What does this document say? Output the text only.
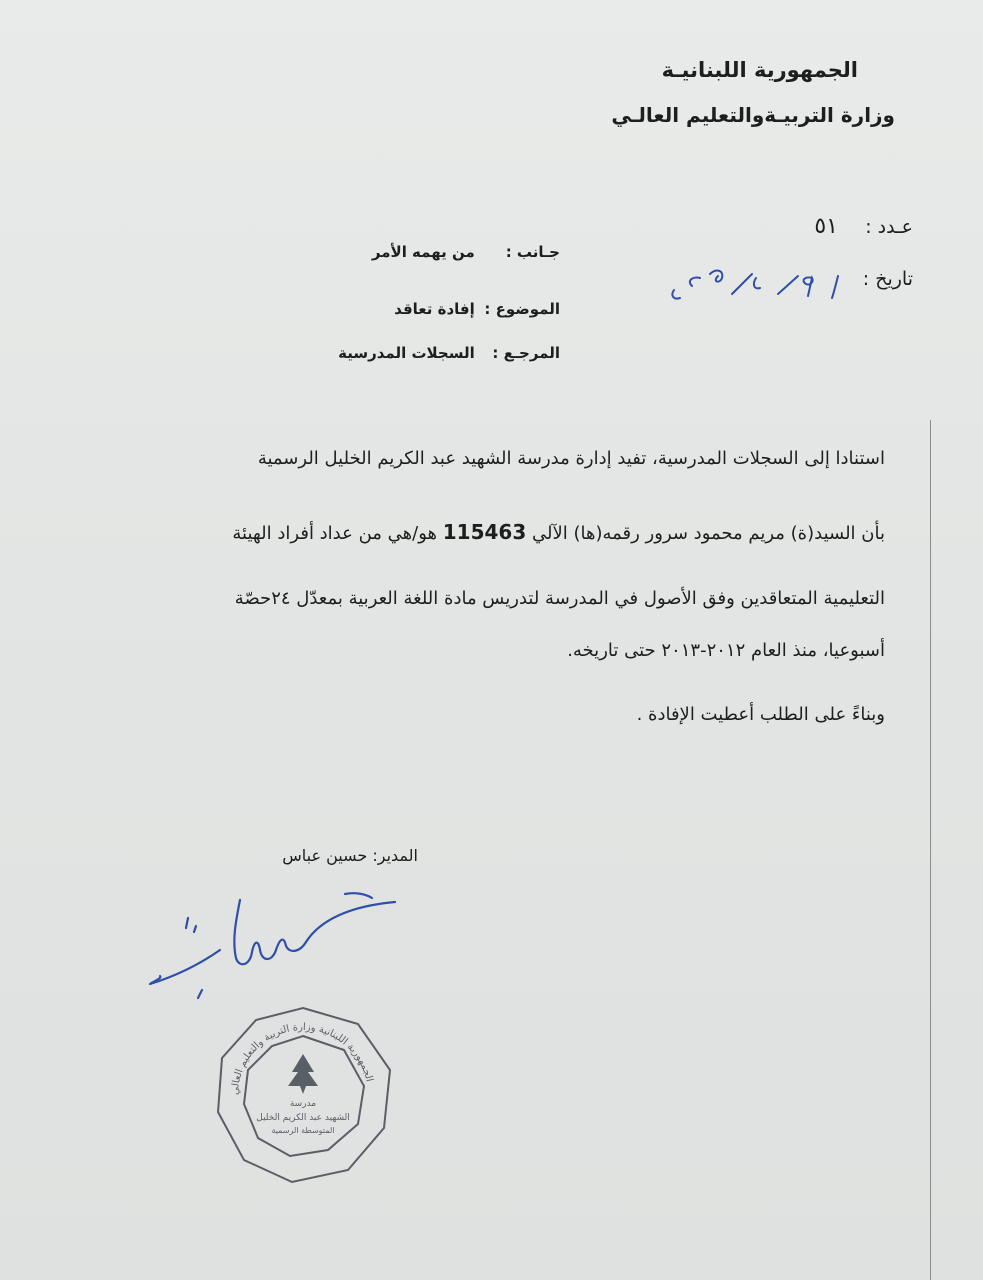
الجمهورية اللبنانيـة
وزارة التربيـةوالتعليم العالـي
عـدد :
٥١
تاريخ :
جـانب : من يهمه الأمر
الموضوع : إفادة تعاقد
المرجـع : السجلات المدرسية
استنادا إلى السجلات المدرسية، تفيد إدارة مدرسة الشهيد عبد الكريم الخليل الرسمية
بأن السيد(ة) مريم محمود سرور رقمه(ها) الآلي 115463 هو/هي من عداد أفراد الهيئة
التعليمية المتعاقدين وفق الأصول في المدرسة لتدريس مادة اللغة العربية بمعدّل ٢٤حصّة
أسبوعيا، منذ العام ٢٠١٢-٢٠١٣ حتى تاريخه.
وبناءً على الطلب أعطيت الإفادة .
المدير: حسين عباس
مدرسة
الشهيد عبد الكريم الخليل
المتوسطة الرسمية
الجمهورية اللبنانية وزارة التربية والتعليم العالي
